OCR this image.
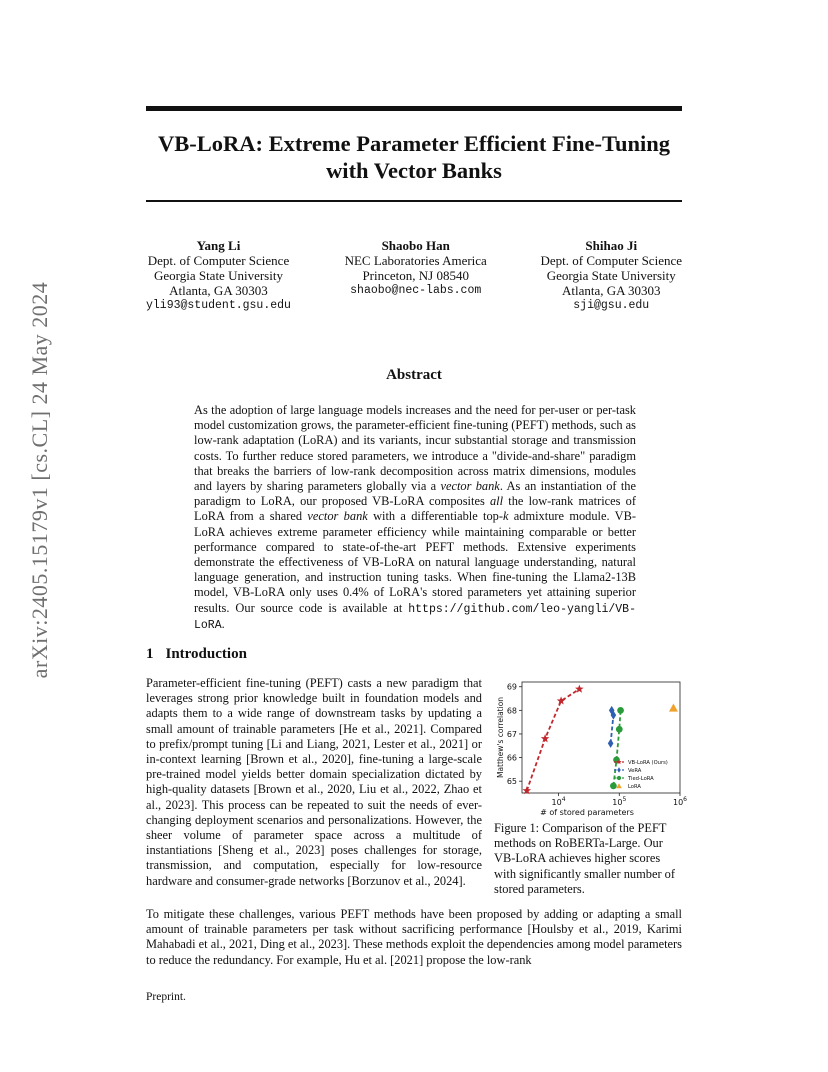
arXiv:2405.15179v1 [cs.CL] 24 May 2024
VB-LoRA: Extreme Parameter Efficient Fine-Tuning with Vector Banks
Yang Li
Dept. of Computer Science
Georgia State University
Atlanta, GA 30303
yli93@student.gsu.edu
Shaobo Han
NEC Laboratories America
Princeton, NJ 08540
shaobo@nec-labs.com
Shihao Ji
Dept. of Computer Science
Georgia State University
Atlanta, GA 30303
sji@gsu.edu
Abstract
As the adoption of large language models increases and the need for per-user or per-task model customization grows, the parameter-efficient fine-tuning (PEFT) methods, such as low-rank adaptation (LoRA) and its variants, incur substantial storage and transmission costs. To further reduce stored parameters, we introduce a "divide-and-share" paradigm that breaks the barriers of low-rank decomposition across matrix dimensions, modules and layers by sharing parameters globally via a vector bank. As an instantiation of the paradigm to LoRA, our proposed VB-LoRA composites all the low-rank matrices of LoRA from a shared vector bank with a differentiable top-k admixture module. VB-LoRA achieves extreme parameter efficiency while maintaining comparable or better performance compared to state-of-the-art PEFT methods. Extensive experiments demonstrate the effectiveness of VB-LoRA on natural language understanding, natural language generation, and instruction tuning tasks. When fine-tuning the Llama2-13B model, VB-LoRA only uses 0.4% of LoRA's stored parameters yet attaining superior results. Our source code is available at https://github.com/leo-yangli/VB-LoRA.
1 Introduction
Parameter-efficient fine-tuning (PEFT) casts a new paradigm that leverages strong prior knowledge built in foundation models and adapts them to a wide range of downstream tasks by updating a small amount of trainable parameters [He et al., 2021]. Compared to prefix/prompt tuning [Li and Liang, 2021, Lester et al., 2021] or in-context learning [Brown et al., 2020], fine-tuning a large-scale pre-trained model yields better domain specialization dictated by high-quality datasets [Brown et al., 2020, Liu et al., 2022, Zhao et al., 2023]. This process can be repeated to suit the needs of ever-changing deployment scenarios and personalizations. However, the sheer volume of parameter space across a multitude of instantiations [Sheng et al., 2023] poses challenges for storage, transmission, and computation, especially for low-resource hardware and consumer-grade networks [Borzunov et al., 2024].
65
66
67
68
69
$10^4$	$10^5$	$10^6$
# of stored parameters
Matthew's correlation	VB-LoRA (Ours)
VeRA
Tied-LoRA
LoRA
Figure 1: Comparison of the PEFT methods on RoBERTa-Large. Our VB-LoRA achieves higher scores with significantly smaller number of stored parameters.
To mitigate these challenges, various PEFT methods have been proposed by adding or adapting a small amount of trainable parameters per task without sacrificing performance [Houlsby et al., 2019, Karimi Mahabadi et al., 2021, Ding et al., 2023]. These methods exploit the dependencies among model parameters to reduce the redundancy. For example, Hu et al. [2021] propose the low-rank
Preprint.
